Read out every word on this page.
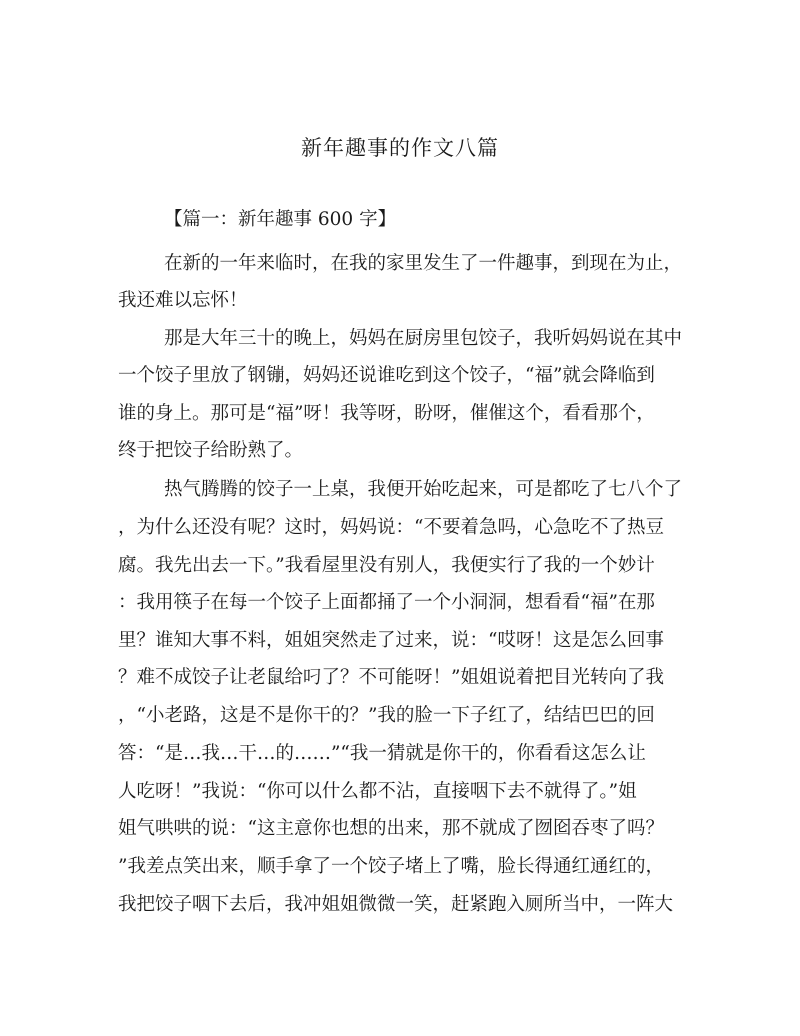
新年趣事的作文八篇
【篇一：新年趣事 600 字】
在新的一年来临时，在我的家里发生了一件趣事，到现在为止，
我还难以忘怀！
那是大年三十的晚上，妈妈在厨房里包饺子，我听妈妈说在其中
一个饺子里放了钢镚，妈妈还说谁吃到这个饺子，“福”就会降临到
谁的身上。那可是“福”呀！我等呀，盼呀，催催这个，看看那个，
终于把饺子给盼熟了。
热气腾腾的饺子一上桌，我便开始吃起来，可是都吃了七八个了
，为什么还没有呢？这时，妈妈说：“不要着急吗，心急吃不了热豆
腐。我先出去一下。”我看屋里没有别人，我便实行了我的一个妙计
：我用筷子在每一个饺子上面都捅了一个小洞洞，想看看“福”在那
里？谁知大事不料，姐姐突然走了过来，说：“哎呀！这是怎么回事
？难不成饺子让老鼠给叼了？不可能呀！”姐姐说着把目光转向了我
，“小老路，这是不是你干的？”我的脸一下子红了，结结巴巴的回
答：“是…我…干…的……”“我一猜就是你干的，你看看这怎么让
人吃呀！”我说：“你可以什么都不沾，直接咽下去不就得了。”姐
姐气哄哄的说：“这主意你也想的出来，那不就成了囫囵吞枣了吗？
”我差点笑出来，顺手拿了一个饺子堵上了嘴，脸长得通红通红的，
我把饺子咽下去后，我冲姐姐微微一笑，赶紧跑入厕所当中，一阵大
